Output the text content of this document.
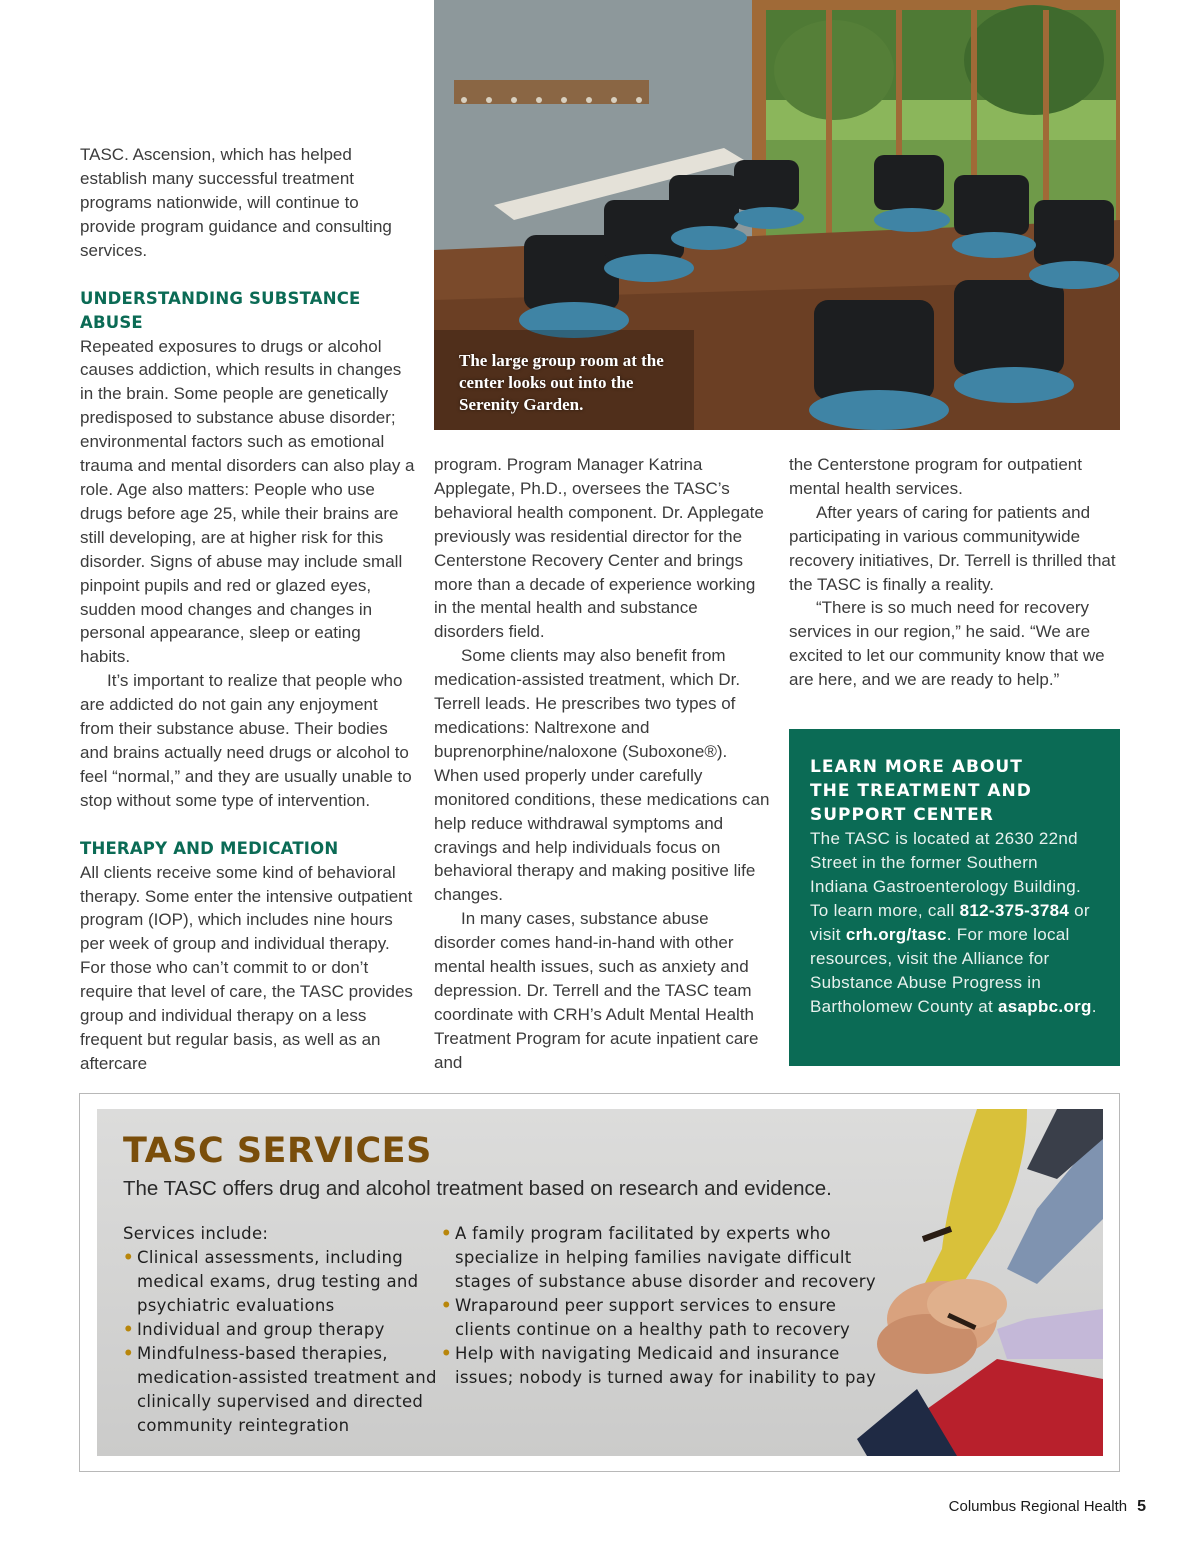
The large group room at the center looks out into the Serenity Garden.

TASC. Ascension, which has helped establish many successful treatment programs nationwide, will continue to provide program guidance and consulting services.

UNDERSTANDING SUBSTANCE ABUSE

Repeated exposures to drugs or alcohol causes addiction, which results in changes in the brain. Some people are genetically predisposed to substance abuse disorder; environmental factors such as emotional trauma and mental disorders can also play a role. Age also matters: People who use drugs before age 25, while their brains are still developing, are at higher risk for this disorder. Signs of abuse may include small pinpoint pupils and red or glazed eyes, sudden mood changes and changes in personal appearance, sleep or eating habits.

It’s important to realize that people who are addicted do not gain any enjoyment from their substance abuse. Their bodies and brains actually need drugs or alcohol to feel “normal,” and they are usually unable to stop without some type of intervention.

THERAPY AND MEDICATION

All clients receive some kind of behavioral therapy. Some enter the intensive outpatient program (IOP), which includes nine hours per week of group and individual therapy. For those who can’t commit to or don’t require that level of care, the TASC provides group and individual therapy on a less frequent but regular basis, as well as an aftercare

program. Program Manager Katrina Applegate, Ph.D., oversees the TASC’s behavioral health component. Dr. Applegate previously was residential director for the Centerstone Recovery Center and brings more than a decade of experience working in the mental health and substance disorders field.

Some clients may also benefit from medication-assisted treatment, which Dr. Terrell leads. He prescribes two types of medications: Naltrexone and buprenorphine/naloxone (Suboxone®). When used properly under carefully monitored conditions, these medications can help reduce withdrawal symptoms and cravings and help individuals focus on behavioral therapy and making positive life changes.

In many cases, substance abuse disorder comes hand-in-hand with other mental health issues, such as anxiety and depression. Dr. Terrell and the TASC team coordinate with CRH’s Adult Mental Health Treatment Program for acute inpatient care and

the Centerstone program for outpatient mental health services.

After years of caring for patients and participating in various communitywide recovery initiatives, Dr. Terrell is thrilled that the TASC is finally a reality.

“There is so much need for recovery services in our region,” he said. “We are excited to let our community know that we are here, and we are ready to help.”

LEARN MORE ABOUT
THE TREATMENT AND
SUPPORT CENTER
The TASC is located at 2630 22nd Street in the former Southern Indiana Gastroenterology Building. To learn more, call 812-375-3784 or visit crh.org/tasc. For more local resources, visit the Alliance for Substance Abuse Progress in Bartholomew County at asapbc.org.
TASC SERVICES
The TASC offers drug and alcohol treatment based on research and evidence.
Services include:
• Clinical assessments, including medical exams, drug testing and psychiatric evaluations
• Individual and group therapy
• Mindfulness-based therapies, medication-assisted treatment and clinically supervised and directed community reintegration
• A family program facilitated by experts who specialize in helping families navigate difficult stages of substance abuse disorder and recovery
• Wraparound peer support services to ensure clients continue on a healthy path to recovery
• Help with navigating Medicaid and insurance issues; nobody is turned away for inability to pay
Columbus Regional Health 5
